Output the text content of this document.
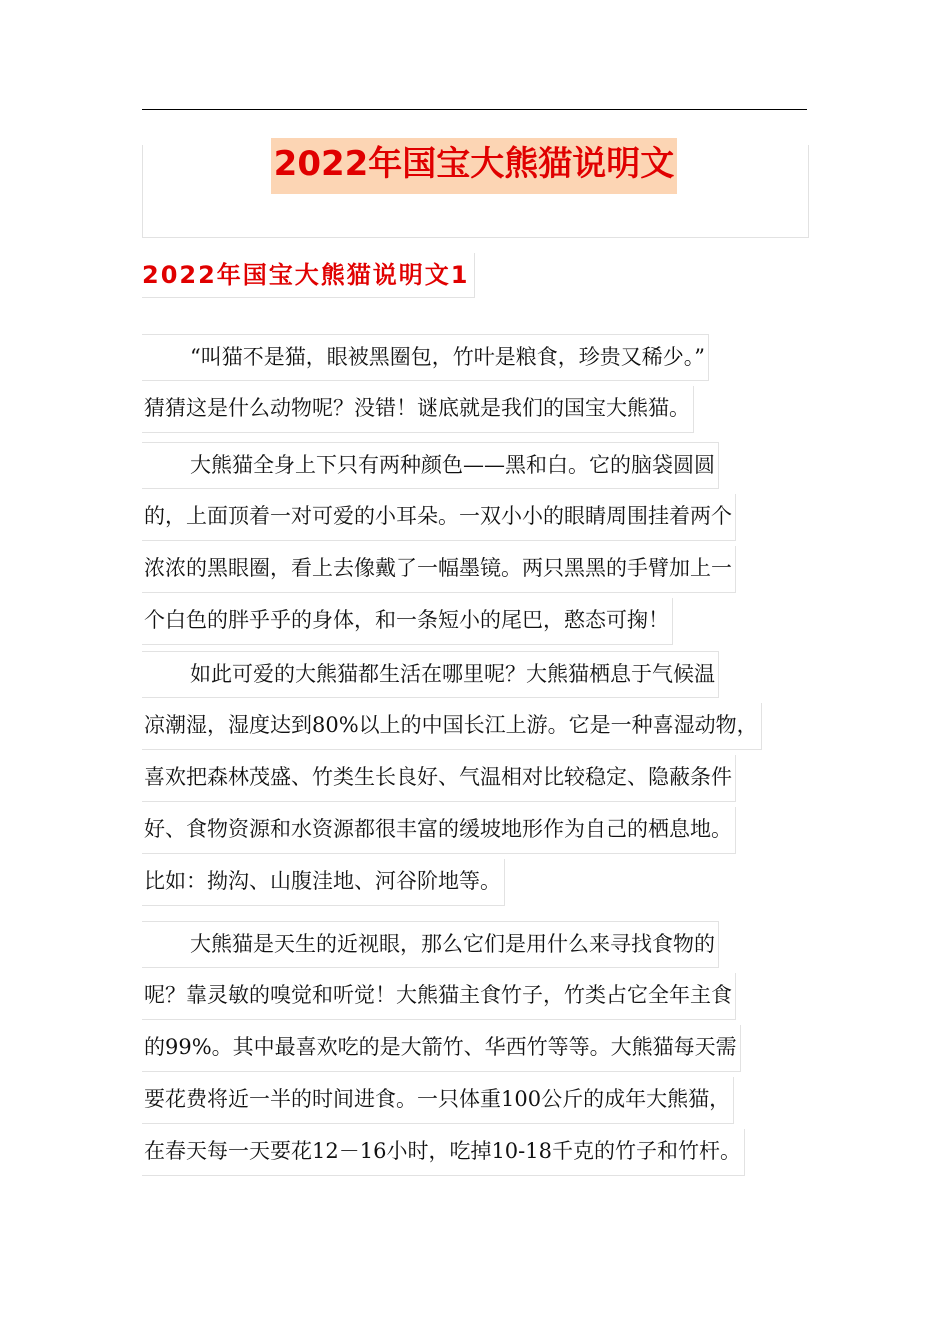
2022年国宝大熊猫说明文
2022年国宝大熊猫说明文1
“叫猫不是猫，眼被黑圈包，竹叶是粮食，珍贵又稀少。”
猜猜这是什么动物呢？没错！谜底就是我们的国宝大熊猫。
大熊猫全身上下只有两种颜色——黑和白。它的脑袋圆圆
的，上面顶着一对可爱的小耳朵。一双小小的眼睛周围挂着两个
浓浓的黑眼圈，看上去像戴了一幅墨镜。两只黑黑的手臂加上一
个白色的胖乎乎的身体，和一条短小的尾巴，憨态可掬！
如此可爱的大熊猫都生活在哪里呢？大熊猫栖息于气候温
凉潮湿，湿度达到80%以上的中国长江上游。它是一种喜湿动物，
喜欢把森林茂盛、竹类生长良好、气温相对比较稳定、隐蔽条件
好、食物资源和水资源都很丰富的缓坡地形作为自己的栖息地。
比如：拗沟、山腹洼地、河谷阶地等。
大熊猫是天生的近视眼，那么它们是用什么来寻找食物的
呢？靠灵敏的嗅觉和听觉！大熊猫主食竹子，竹类占它全年主食
的99%。其中最喜欢吃的是大箭竹、华西竹等等。大熊猫每天需
要花费将近一半的时间进食。一只体重100公斤的成年大熊猫，
在春天每一天要花12－16小时，吃掉10-18千克的竹子和竹杆。
